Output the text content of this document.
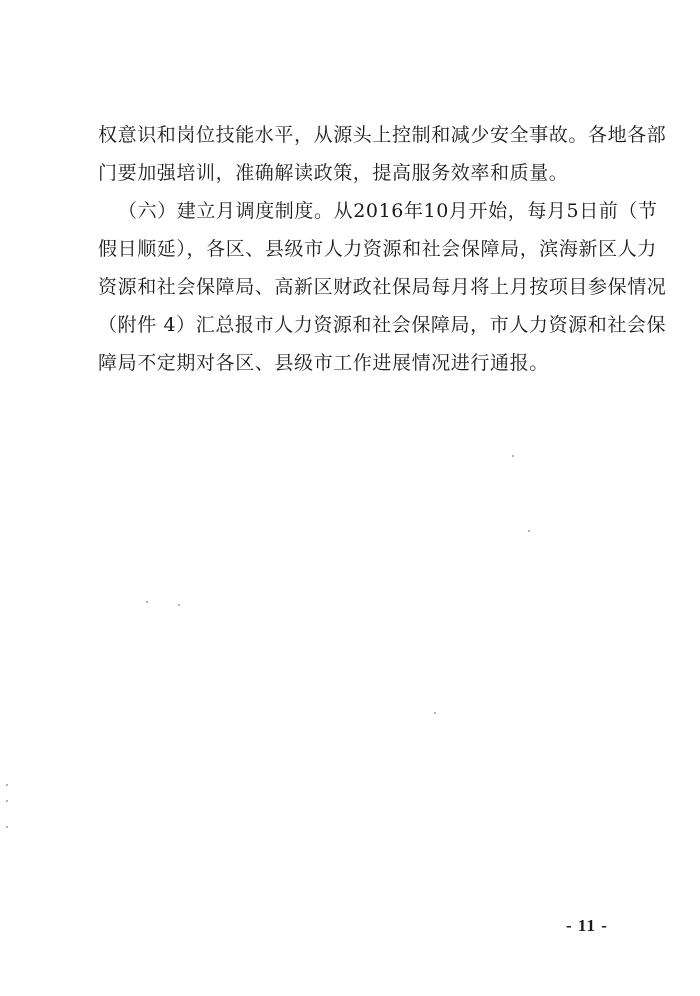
权意识和岗位技能水平，从源头上控制和减少安全事故。各地各部
门要加强培训，准确解读政策，提高服务效率和质量。
（六）建立月调度制度。从2016年10月开始，每月5日前（节
假日顺延），各区、县级市人力资源和社会保障局，滨海新区人力
资源和社会保障局、高新区财政社保局每月将上月按项目参保情况
（附件 4）汇总报市人力资源和社会保障局，市人力资源和社会保
障局不定期对各区、县级市工作进展情况进行通报。
- 11 -
